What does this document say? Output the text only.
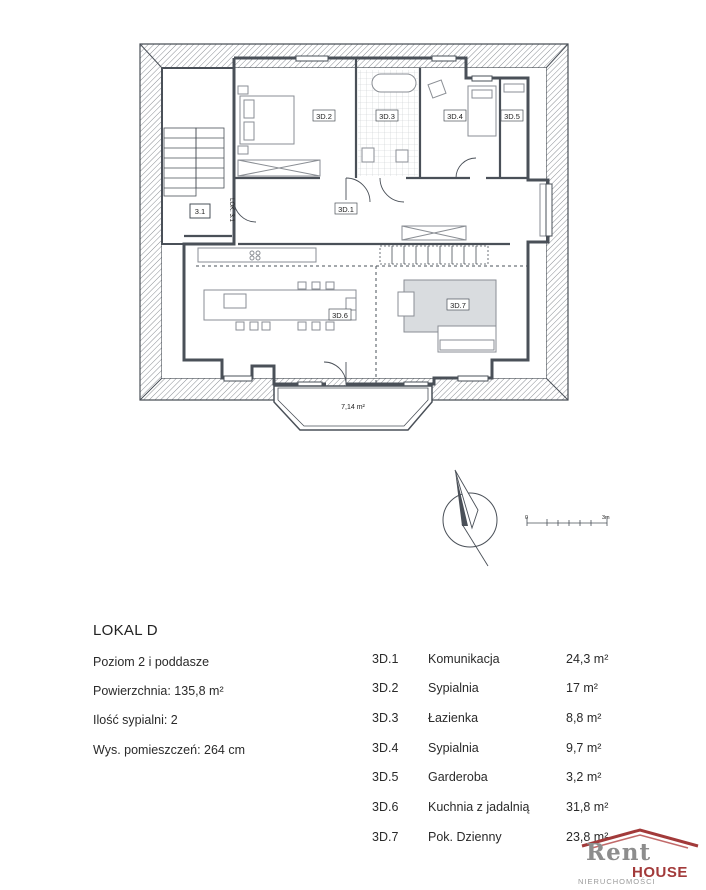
3D.2	3D.3	3D.4	3D.5
3D.1
3D.6
3D.7
3.1	LOK. 3.1
7,14 m²
0	3m
LOKAL D
Poziom 2 i poddasze
Powierzchnia: 135,8 m²
Ilość sypialni: 2
Wys. pomieszczeń: 264 cm
3D.1 Komunikacja	24,3 m²
3D.2 Sypialnia	17 m²
3D.3 Łazienka	8,8 m²
3D.4 Sypialnia	9,7 m²
3D.5 Garderoba	3,2 m²
3D.6 Kuchnia z jadalnią	31,8 m²
3D.7 Pok. Dzienny	23,8 m²
Rent
HOUSE
NIERUCHOMOŚCI
